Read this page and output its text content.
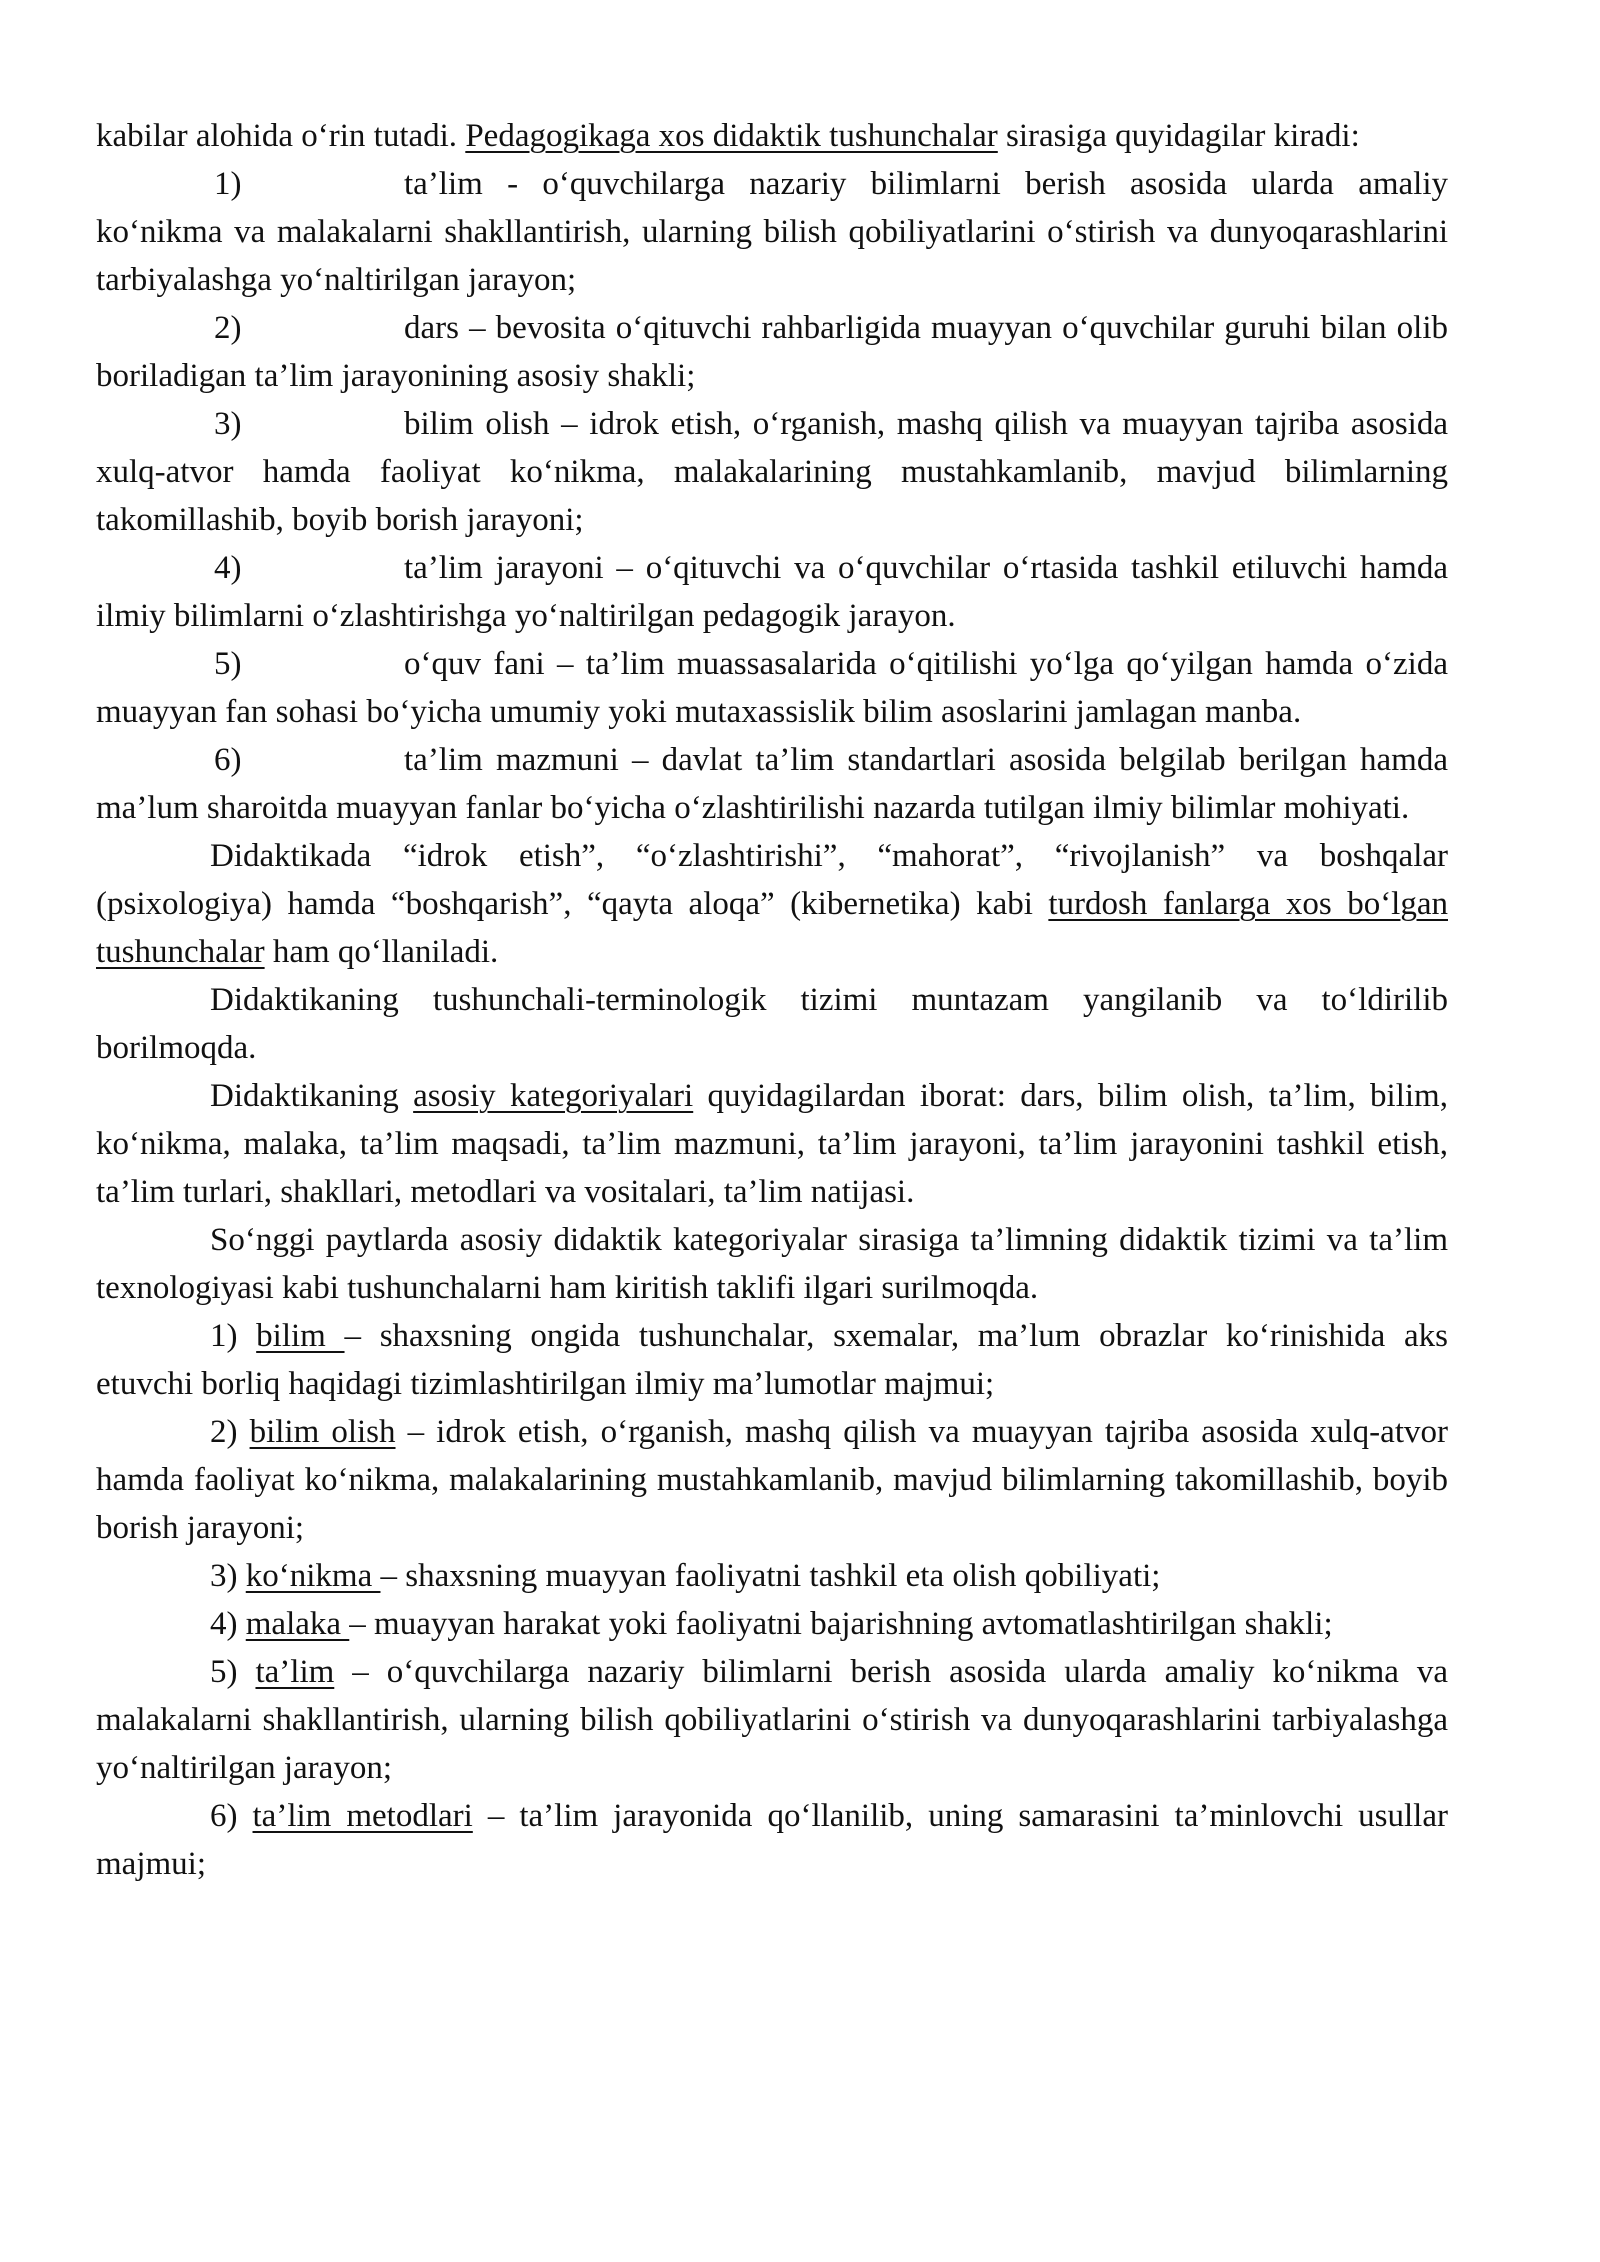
kabilar alohida o‘rin tutadi. Pedagogikaga xos didaktik tushunchalar sirasiga quyidagilar kiradi:

1)	ta’lim - o‘quvchilarga nazariy bilimlarni berish asosida ularda amaliy ko‘nikma va malakalarni shakllantirish, ularning bilish qobiliyatlarini o‘stirish va dunyoqarashlarini tarbiyalashga yo‘naltirilgan jarayon;

2)	dars – bevosita o‘qituvchi rahbarligida muayyan o‘quvchilar guruhi bilan olib boriladigan ta’lim jarayonining asosiy shakli;

3)	bilim olish – idrok etish, o‘rganish, mashq qilish va muayyan tajriba asosida xulq-atvor hamda faoliyat ko‘nikma, malakalarining mustahkamlanib, mavjud bilimlarning takomillashib, boyib borish jarayoni;

4)	ta’lim jarayoni – o‘qituvchi va o‘quvchilar o‘rtasida tashkil etiluvchi hamda ilmiy bilimlarni o‘zlashtirishga yo‘naltirilgan pedagogik jarayon.

5)	o‘quv fani – ta’lim muassasalarida o‘qitilishi yo‘lga qo‘yilgan hamda o‘zida muayyan fan sohasi bo‘yicha umumiy yoki mutaxassislik bilim asoslarini jamlagan manba.

6)	ta’lim mazmuni – davlat ta’lim standartlari asosida belgilab berilgan hamda ma’lum sharoitda muayyan fanlar bo‘yicha o‘zlashtirilishi nazarda tutilgan ilmiy bilimlar mohiyati.

Didaktikada “idrok etish”, “o‘zlashtirishi”, “mahorat”, “rivojlanish” va boshqalar (psixologiya) hamda “boshqarish”, “qayta aloqa” (kibernetika) kabi turdosh fanlarga xos bo‘lgan tushunchalar ham qo‘llaniladi.

Didaktikaning tushunchali-terminologik tizimi muntazam yangilanib va to‘ldirilib borilmoqda.

Didaktikaning asosiy kategoriyalari quyidagilardan iborat: dars, bilim olish, ta’lim, bilim, ko‘nikma, malaka, ta’lim maqsadi, ta’lim mazmuni, ta’lim jarayoni, ta’lim jarayonini tashkil etish, ta’lim turlari, shakllari, metodlari va vositalari, ta’lim natijasi.

So‘nggi paytlarda asosiy didaktik kategoriyalar sirasiga ta’limning didaktik tizimi va ta’lim texnologiyasi kabi tushunchalarni ham kiritish taklifi ilgari surilmoqda.

1) bilim – shaxsning ongida tushunchalar, sxemalar, ma’lum obrazlar ko‘rinishida aks etuvchi borliq haqidagi tizimlashtirilgan ilmiy ma’lumotlar majmui;

2) bilim olish – idrok etish, o‘rganish, mashq qilish va muayyan tajriba asosida xulq-atvor hamda faoliyat ko‘nikma, malakalarining mustahkamlanib, mavjud bilimlarning takomillashib, boyib borish jarayoni;

3) ko‘nikma – shaxsning muayyan faoliyatni tashkil eta olish qobiliyati;

4) malaka – muayyan harakat yoki faoliyatni bajarishning avtomatlashtirilgan shakli;

5) ta’lim – o‘quvchilarga nazariy bilimlarni berish asosida ularda amaliy ko‘nikma va malakalarni shakllantirish, ularning bilish qobiliyatlarini o‘stirish va dunyoqarashlarini tarbiyalashga yo‘naltirilgan jarayon;

6) ta’lim metodlari – ta’lim jarayonida qo‘llanilib, uning samarasini ta’minlovchi usullar majmui;
